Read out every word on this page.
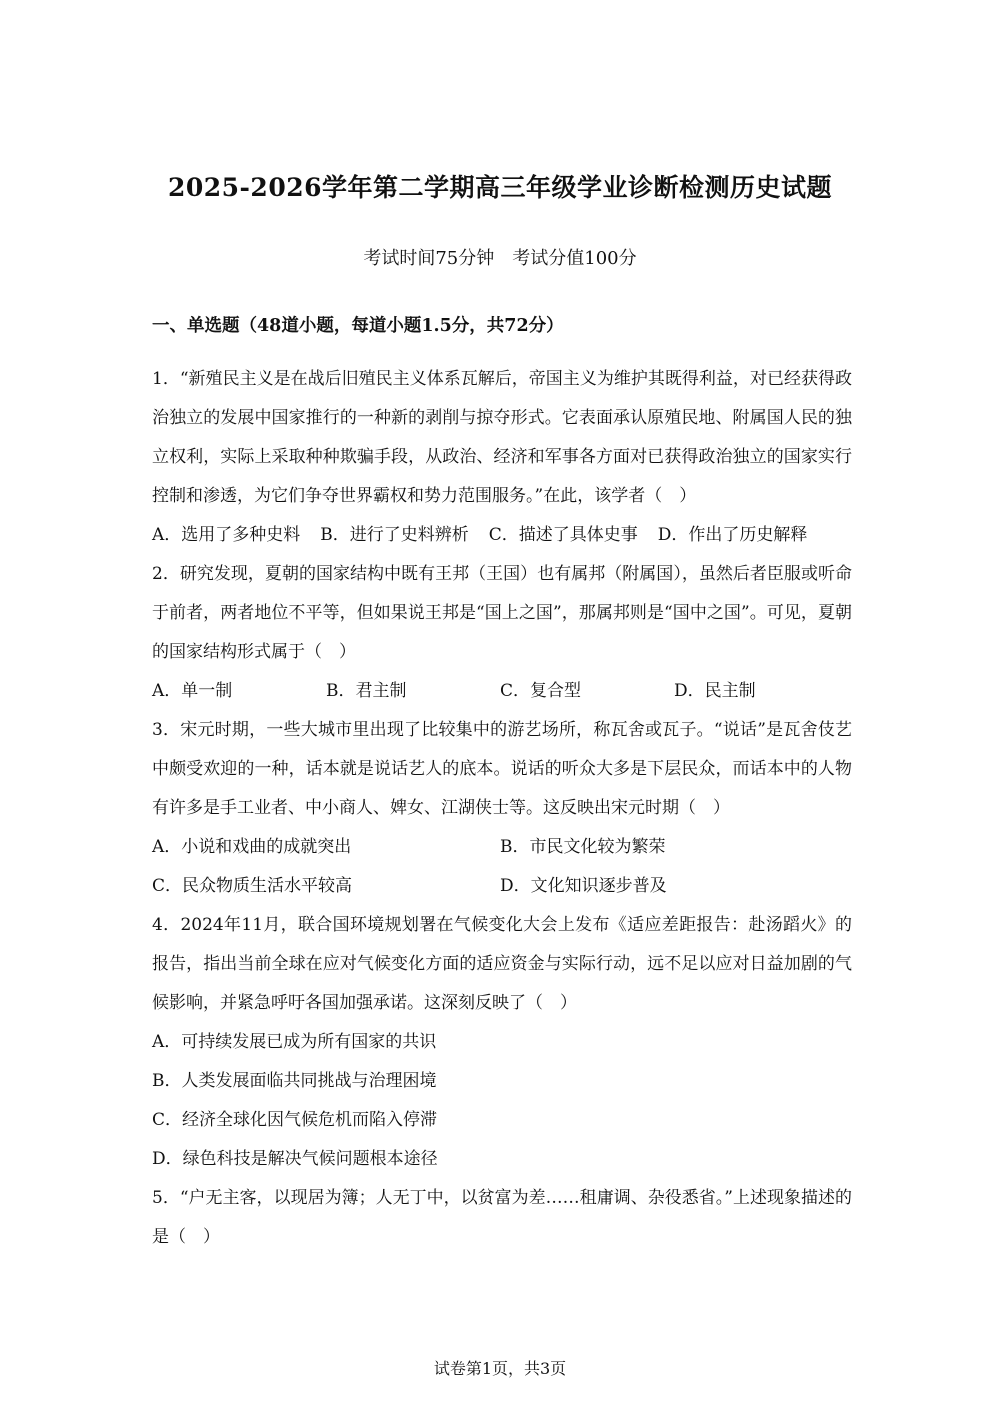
2025-2026学年第二学期高三年级学业诊断检测历史试题
考试时间75分钟　考试分值100分
一、单选题（48道小题，每道小题1.5分，共72分）

1．“新殖民主义是在战后旧殖民主义体系瓦解后，帝国主义为维护其既得利益，对已经获得政治独立的发展中国家推行的一种新的剥削与掠夺形式。它表面承认原殖民地、附属国人民的独立权利，实际上采取种种欺骗手段，从政治、经济和军事各方面对已获得政治独立的国家实行控制和渗透，为它们争夺世界霸权和势力范围服务。”在此，该学者（　）

A．选用了多种史料 B．进行了史料辨析 C．描述了具体史事 D．作出了历史解释

2．研究发现，夏朝的国家结构中既有王邦（王国）也有属邦（附属国），虽然后者臣服或听命于前者，两者地位不平等，但如果说王邦是“国上之国”，那属邦则是“国中之国”。可见，夏朝的国家结构形式属于（　）

A．单一制	B．君主制	C．复合型	D．民主制

3．宋元时期，一些大城市里出现了比较集中的游艺场所，称瓦舍或瓦子。“说话”是瓦舍伎艺中颇受欢迎的一种，话本就是说话艺人的底本。说话的听众大多是下层民众，而话本中的人物有许多是手工业者、中小商人、婢女、江湖侠士等。这反映出宋元时期（　）

A．小说和戏曲的成就突出	B．市民文化较为繁荣
C．民众物质生活水平较高	D．文化知识逐步普及

4．2024年11月，联合国环境规划署在气候变化大会上发布《适应差距报告：赴汤蹈火》的报告，指出当前全球在应对气候变化方面的适应资金与实际行动，远不足以应对日益加剧的气候影响，并紧急呼吁各国加强承诺。这深刻反映了（　）

A．可持续发展已成为所有国家的共识
B．人类发展面临共同挑战与治理困境
C．经济全球化因气候危机而陷入停滞
D．绿色科技是解决气候问题根本途径

5．“户无主客，以现居为簿；人无丁中，以贫富为差……租庸调、杂役悉省。”上述现象描述的是（　）

试卷第1页，共3页
